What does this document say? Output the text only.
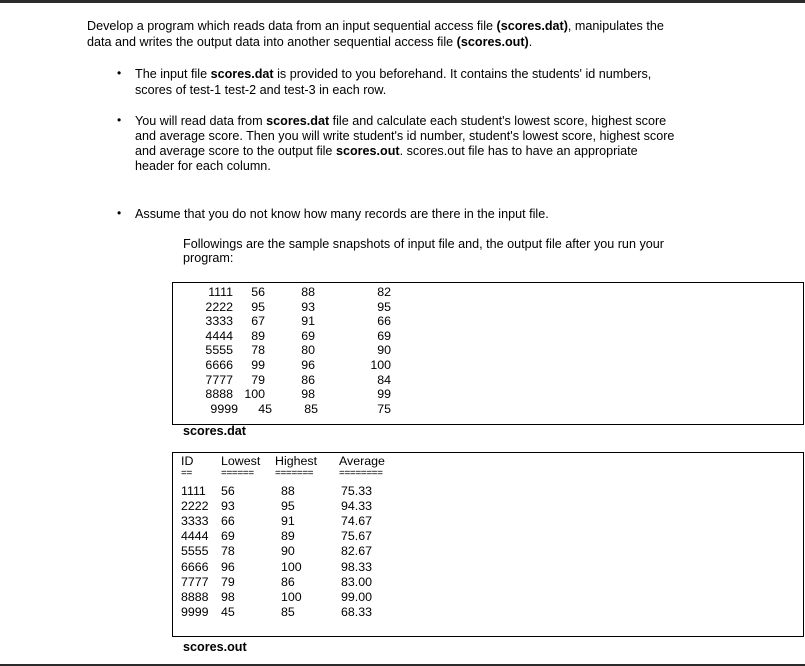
Develop a program which reads data from an input sequential access file (scores.dat), manipulates the
data and writes the output data into another sequential access file (scores.out).
• The input file scores.dat is provided to you beforehand. It contains the students' id numbers,
scores of test-1 test-2 and test-3 in each row.
• You will read data from scores.dat file and calculate each student's lowest score, highest score
and average score. Then you will write student's id number, student's lowest score, highest score
and average score to the output file scores.out. scores.out file has to have an appropriate
header for each column.
• Assume that you do not know how many records are there in the input file.
Followings are the sample snapshots of input file and, the output file after you run your
program:
1111	56	88	82
2222	95	93	95
3333	67	91	66
4444	89	69	69
5555	78	80	90
6666	99	96	100
7777	79	86	84
8888 100	98	99
9999	45	85	75
scores.dat
ID Lowest Highest Average
==	====== =======	========
1111 56	88	75.33
2222 93	95	94.33
3333 66	91	74.67
4444 69	89	75.67
5555 78	90	82.67
6666 96	100	98.33
7777 79	86	83.00
8888 98	100	99.00
9999 45	85	68.33
scores.out
